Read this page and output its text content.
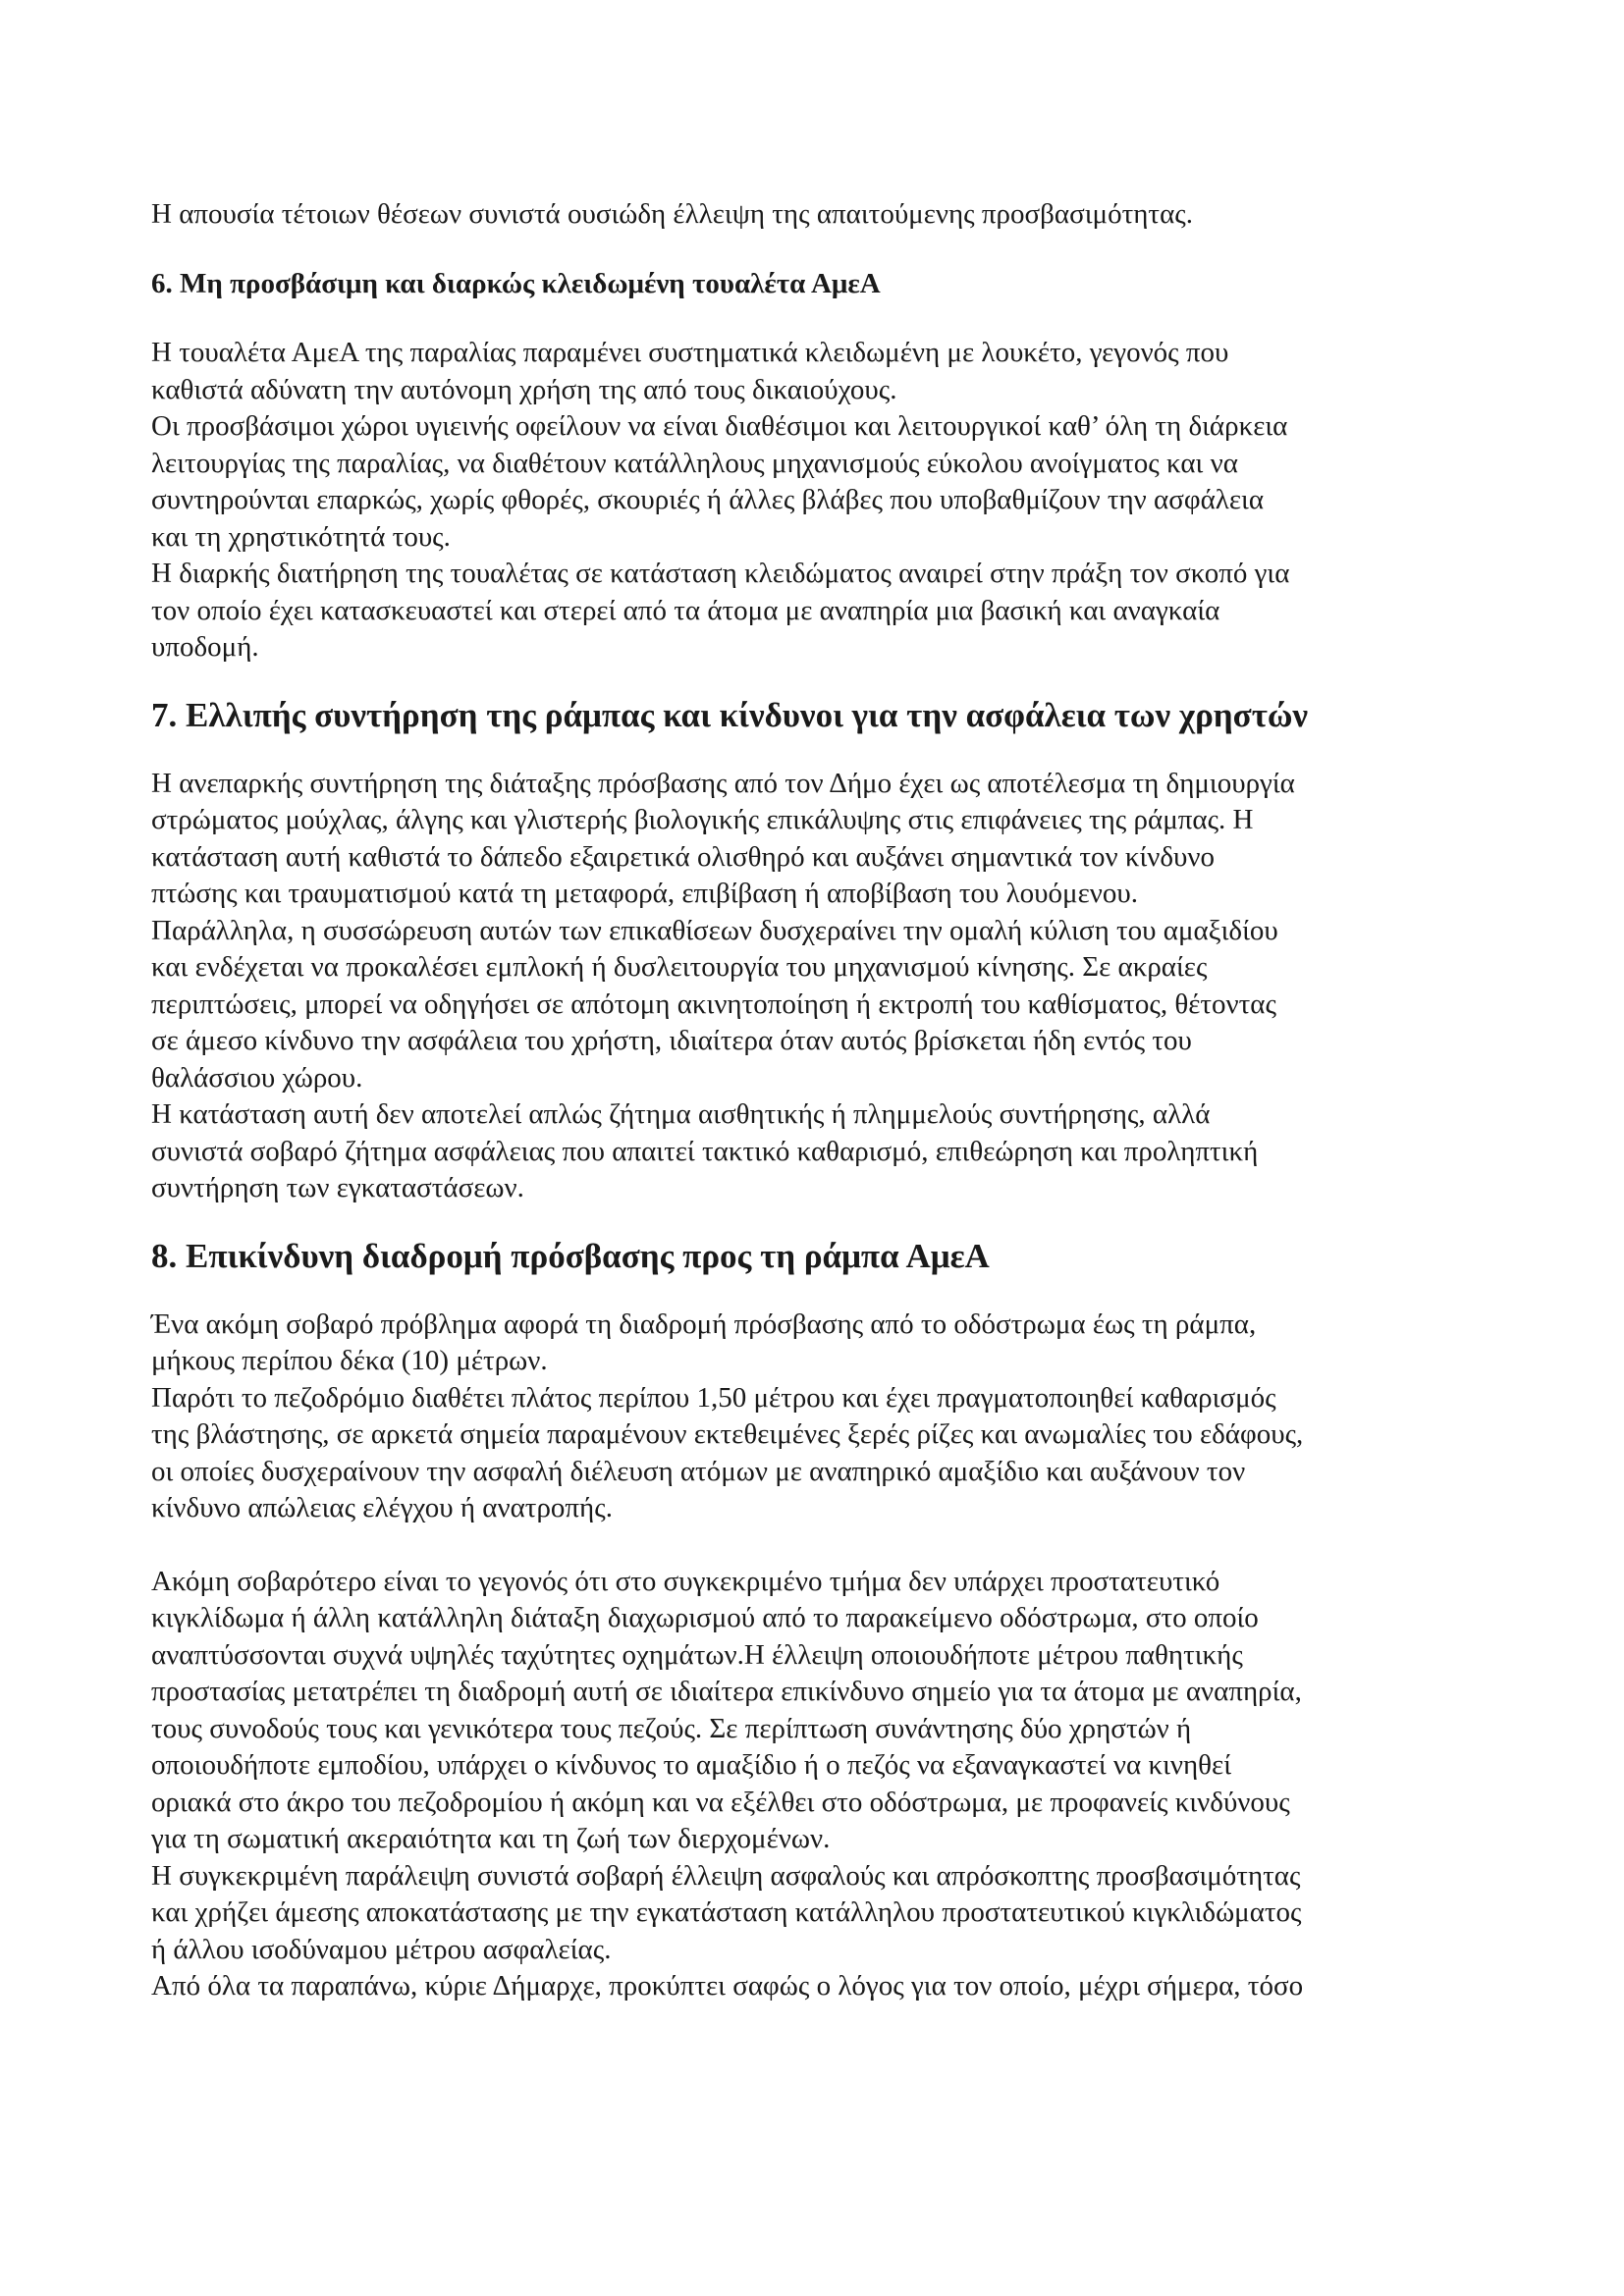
Η απουσία τέτοιων θέσεων συνιστά ουσιώδη έλλειψη της απαιτούμενης προσβασιμότητας.
6. Μη προσβάσιμη και διαρκώς κλειδωμένη τουαλέτα ΑμεΑ
Η τουαλέτα ΑμεΑ της παραλίας παραμένει συστηματικά κλειδωμένη με λουκέτο, γεγονός που
καθιστά αδύνατη την αυτόνομη χρήση της από τους δικαιούχους.
Οι προσβάσιμοι χώροι υγιεινής οφείλουν να είναι διαθέσιμοι και λειτουργικοί καθ’ όλη τη διάρκεια
λειτουργίας της παραλίας, να διαθέτουν κατάλληλους μηχανισμούς εύκολου ανοίγματος και να
συντηρούνται επαρκώς, χωρίς φθορές, σκουριές ή άλλες βλάβες που υποβαθμίζουν την ασφάλεια
και τη χρηστικότητά τους.
Η διαρκής διατήρηση της τουαλέτας σε κατάσταση κλειδώματος αναιρεί στην πράξη τον σκοπό για
τον οποίο έχει κατασκευαστεί και στερεί από τα άτομα με αναπηρία μια βασική και αναγκαία
υποδομή.
7. Ελλιπής συντήρηση της ράμπας και κίνδυνοι για την ασφάλεια των χρηστών
Η ανεπαρκής συντήρηση της διάταξης πρόσβασης από τον Δήμο έχει ως αποτέλεσμα τη δημιουργία
στρώματος μούχλας, άλγης και γλιστερής βιολογικής επικάλυψης στις επιφάνειες της ράμπας. Η
κατάσταση αυτή καθιστά το δάπεδο εξαιρετικά ολισθηρό και αυξάνει σημαντικά τον κίνδυνο
πτώσης και τραυματισμού κατά τη μεταφορά, επιβίβαση ή αποβίβαση του λουόμενου.
Παράλληλα, η συσσώρευση αυτών των επικαθίσεων δυσχεραίνει την ομαλή κύλιση του αμαξιδίου
και ενδέχεται να προκαλέσει εμπλοκή ή δυσλειτουργία του μηχανισμού κίνησης. Σε ακραίες
περιπτώσεις, μπορεί να οδηγήσει σε απότομη ακινητοποίηση ή εκτροπή του καθίσματος, θέτοντας
σε άμεσο κίνδυνο την ασφάλεια του χρήστη, ιδιαίτερα όταν αυτός βρίσκεται ήδη εντός του
θαλάσσιου χώρου.
Η κατάσταση αυτή δεν αποτελεί απλώς ζήτημα αισθητικής ή πλημμελούς συντήρησης, αλλά
συνιστά σοβαρό ζήτημα ασφάλειας που απαιτεί τακτικό καθαρισμό, επιθεώρηση και προληπτική
συντήρηση των εγκαταστάσεων.
8. Επικίνδυνη διαδρομή πρόσβασης προς τη ράμπα ΑμεΑ
Ένα ακόμη σοβαρό πρόβλημα αφορά τη διαδρομή πρόσβασης από το οδόστρωμα έως τη ράμπα,
μήκους περίπου δέκα (10) μέτρων.
Παρότι το πεζοδρόμιο διαθέτει πλάτος περίπου 1,50 μέτρου και έχει πραγματοποιηθεί καθαρισμός
της βλάστησης, σε αρκετά σημεία παραμένουν εκτεθειμένες ξερές ρίζες και ανωμαλίες του εδάφους,
οι οποίες δυσχεραίνουν την ασφαλή διέλευση ατόμων με αναπηρικό αμαξίδιο και αυξάνουν τον
κίνδυνο απώλειας ελέγχου ή ανατροπής.
Ακόμη σοβαρότερο είναι το γεγονός ότι στο συγκεκριμένο τμήμα δεν υπάρχει προστατευτικό
κιγκλίδωμα ή άλλη κατάλληλη διάταξη διαχωρισμού από το παρακείμενο οδόστρωμα, στο οποίο
αναπτύσσονται συχνά υψηλές ταχύτητες οχημάτων.Η έλλειψη οποιουδήποτε μέτρου παθητικής
προστασίας μετατρέπει τη διαδρομή αυτή σε ιδιαίτερα επικίνδυνο σημείο για τα άτομα με αναπηρία,
τους συνοδούς τους και γενικότερα τους πεζούς. Σε περίπτωση συνάντησης δύο χρηστών ή
οποιουδήποτε εμποδίου, υπάρχει ο κίνδυνος το αμαξίδιο ή ο πεζός να εξαναγκαστεί να κινηθεί
οριακά στο άκρο του πεζοδρομίου ή ακόμη και να εξέλθει στο οδόστρωμα, με προφανείς κινδύνους
για τη σωματική ακεραιότητα και τη ζωή των διερχομένων.
Η συγκεκριμένη παράλειψη συνιστά σοβαρή έλλειψη ασφαλούς και απρόσκοπτης προσβασιμότητας
και χρήζει άμεσης αποκατάστασης με την εγκατάσταση κατάλληλου προστατευτικού κιγκλιδώματος
ή άλλου ισοδύναμου μέτρου ασφαλείας.
Από όλα τα παραπάνω, κύριε Δήμαρχε, προκύπτει σαφώς ο λόγος για τον οποίο, μέχρι σήμερα, τόσο
